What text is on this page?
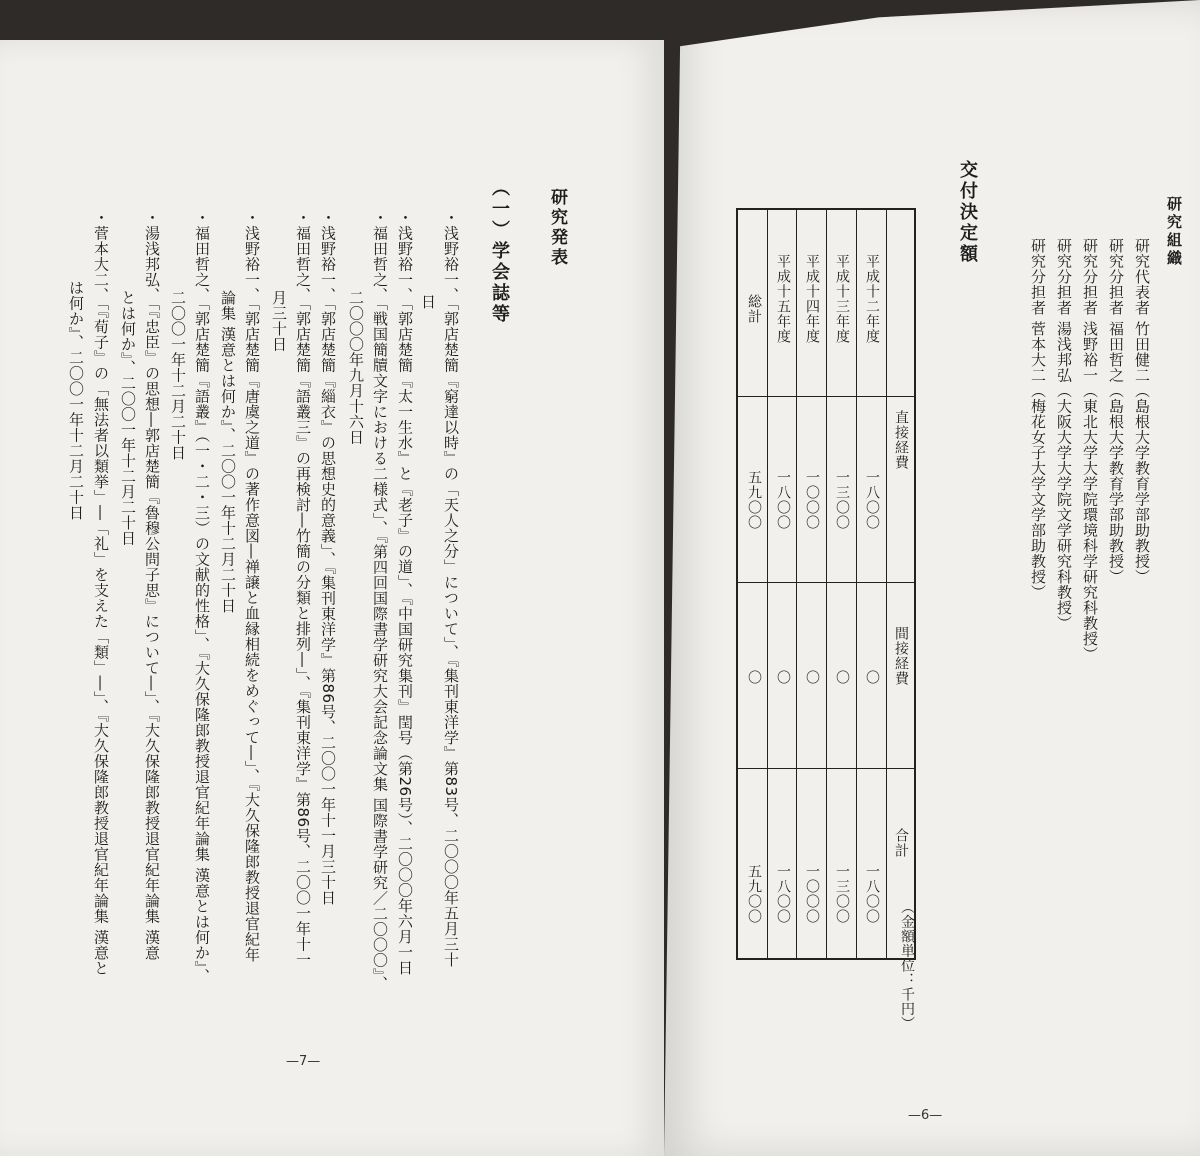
研究発表
（一）学会誌等
・浅野裕一、「郭店楚簡『窮達以時』の「天人之分」について」、『集刊東洋学』第83号、二〇〇〇年五月三十
日
・浅野裕一、「郭店楚簡『太一生水』と『老子』の道」、『中国研究集刊』閏号（第26号）、二〇〇〇年六月一日
・福田哲之、「戦国簡牘文字における二様式」、『第四回国際書学研究大会記念論文集 国際書学研究／二〇〇〇』、
二〇〇〇年九月十六日
・浅野裕一、「郭店楚簡『緇衣』の思想史的意義」、『集刊東洋学』第86号、二〇〇一年十一月三十日
・福田哲之、「郭店楚簡『語叢三』の再検討―竹簡の分類と排列―」、『集刊東洋学』第86号、二〇〇一年十一
月三十日
・浅野裕一、「郭店楚簡『唐虞之道』の著作意図―禅譲と血縁相続をめぐって―」、『大久保隆郎教授退官紀年
論集 漢意とは何か』、二〇〇一年十二月二十日
・福田哲之、「郭店楚簡『語叢』（一・二・三）の文献的性格」、『大久保隆郎教授退官紀年論集 漢意とは何か』、
二〇〇一年十二月二十日
・湯浅邦弘、「『忠臣』の思想―郭店楚簡『魯穆公問子思』について―」、『大久保隆郎教授退官紀年論集 漢意
とは何か』、二〇〇一年十二月二十日
・菅本大二、「『荀子』の「無法者以類挙」―「礼」を支えた「類」―」、『大久保隆郎教授退官紀年論集 漢意と
は何か』、二〇〇一年十二月二十日
—7—
研究組織
研究代表者 竹田健二（島根大学教育学部助教授）
研究分担者 福田哲之（島根大学教育学部助教授）
研究分担者 浅野裕一（東北大学大学院環境科学研究科教授）
研究分担者 湯浅邦弘（大阪大学大学院文学研究科教授）
研究分担者 菅本大二（梅花女子大学文学部助教授）
交付決定額
（金額単位：千円）
直接経費
間接経費
合計
平成十二年度
一八〇〇
〇
一八〇〇
平成十三年度
一三〇〇
〇
一三〇〇
平成十四年度
一〇〇〇
〇
一〇〇〇
平成十五年度
一八〇〇
〇
一八〇〇
総計
五九〇〇
〇
五九〇〇
—6—
